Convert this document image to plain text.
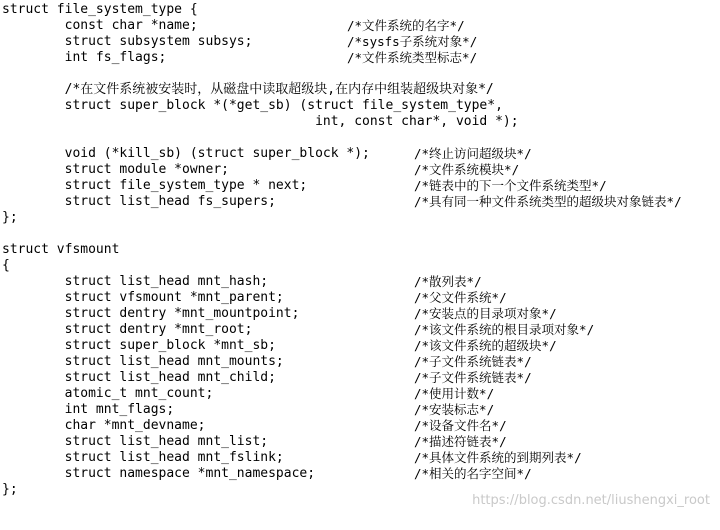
struct file_system_type {

const char *name;

	/*文件系统的名字*/

struct subsystem subsys;

	/*sysfs子系统对象*/

int fs_flags;

	/*文件系统类型标志*/

/*在文件系统被安装时，从磁盘中读取超级块,在内存中组装超级块对象*/

struct super_block *(*get_sb) (struct file_system_type*,

int, const char*, void *);

void (*kill_sb) (struct super_block *);

	/*终止访问超级块*/

struct module *owner;

	/*文件系统模块*/

struct file_system_type * next;

	/*链表中的下一个文件系统类型*/

struct list_head fs_supers;

	/*具有同一种文件系统类型的超级块对象链表*/

};

struct vfsmount

{

struct list_head mnt_hash;

	/*散列表*/

struct vfsmount *mnt_parent;

	/*父文件系统*/

struct dentry *mnt_mountpoint;

	/*安装点的目录项对象*/

struct dentry *mnt_root;

	/*该文件系统的根目录项对象*/

struct super_block *mnt_sb;

	/*该文件系统的超级块*/

struct list_head mnt_mounts;

	/*子文件系统链表*/

struct list_head mnt_child;

	/*子文件系统链表*/

atomic_t mnt_count;

	/*使用计数*/

int mnt_flags;

	/*安装标志*/

char *mnt_devname;

	/*设备文件名*/

struct list_head mnt_list;

	/*描述符链表*/

struct list_head mnt_fslink;

	/*具体文件系统的到期列表*/

struct namespace *mnt_namespace;

	/*相关的名字空间*/

};

https://blog.csdn.net/liushengxi_root
